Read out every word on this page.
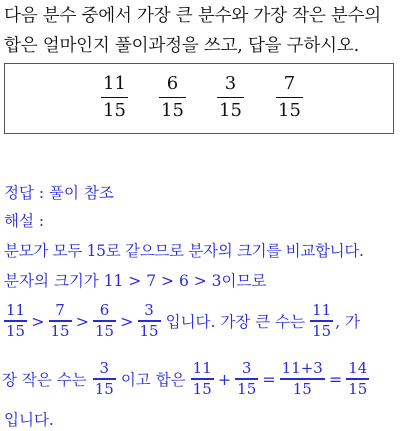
다음 분수 중에서 가장 큰 분수와 가장 작은 분수의
합은 얼마인지 풀이과정을 쓰고, 답을 구하시오.
11
15
6
15
3
15
7
15
정답 : 풀이 참조
해설 :
분모가 모두 15로 같으므로 분자의 크기를 비교합니다.
분자의 크기가 11 > 7 > 6 > 3이므로
$\frac{11}{15} > \frac{7}{15} > \frac{6}{15} > \frac{3}{15}$ 입니다. 가장 큰 수는 $\frac{11}{15}$ , 가
장 작은 수는 $\frac{3}{15}$ 이고 합은 $\frac{11}{15} + \frac{3}{15} = \frac{11+3}{15} = \frac{14}{15}$
입니다.
